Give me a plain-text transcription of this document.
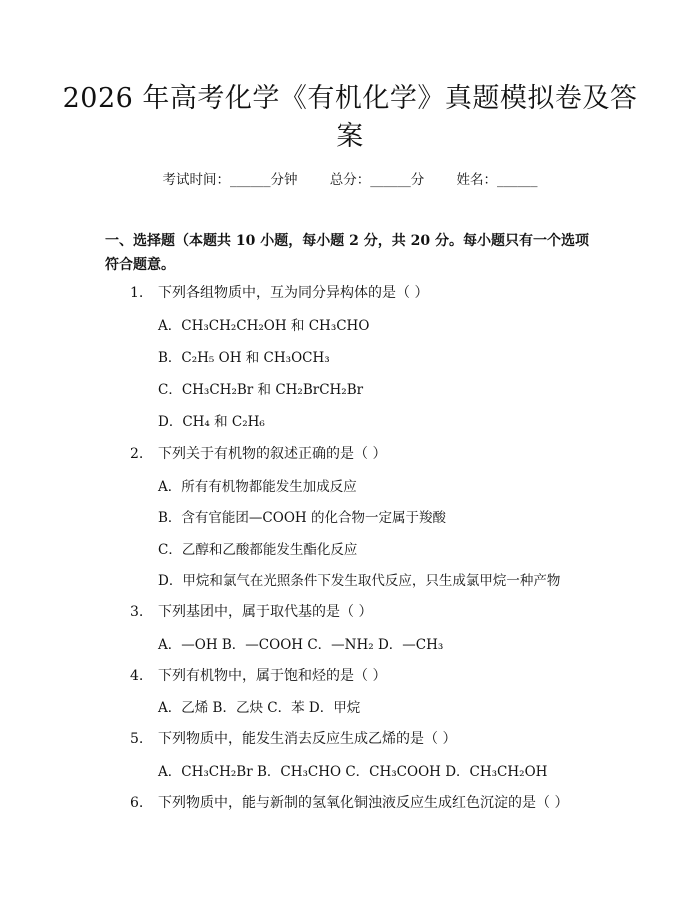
2026 年高考化学《有机化学》真题模拟卷及答案
考试时间：______分钟 总分：______分 姓名：______
一、选择题（本题共 10 小题，每小题 2 分，共 20 分。每小题只有一个选项符合题意。
1. 下列各组物质中，互为同分异构体的是（ ）
A．CH₃CH₂CH₂OH 和 CH₃CHO
B．C₂H₅ OH 和 CH₃OCH₃
C．CH₃CH₂Br 和 CH₂BrCH₂Br
D．CH₄ 和 C₂H₆
2. 下列关于有机物的叙述正确的是（ ）
A．所有有机物都能发生加成反应
B．含有官能团—COOH 的化合物一定属于羧酸
C．乙醇和乙酸都能发生酯化反应
D．甲烷和氯气在光照条件下发生取代反应，只生成氯甲烷一种产物
3. 下列基团中，属于取代基的是（ ）
A．—OH B．—COOH C．—NH₂ D．—CH₃
4. 下列有机物中，属于饱和烃的是（ ）
A．乙烯 B．乙炔 C．苯 D．甲烷
5. 下列物质中，能发生消去反应生成乙烯的是（ ）
A．CH₃CH₂Br B．CH₃CHO C．CH₃COOH D．CH₃CH₂OH
6. 下列物质中，能与新制的氢氧化铜浊液反应生成红色沉淀的是（ ）
